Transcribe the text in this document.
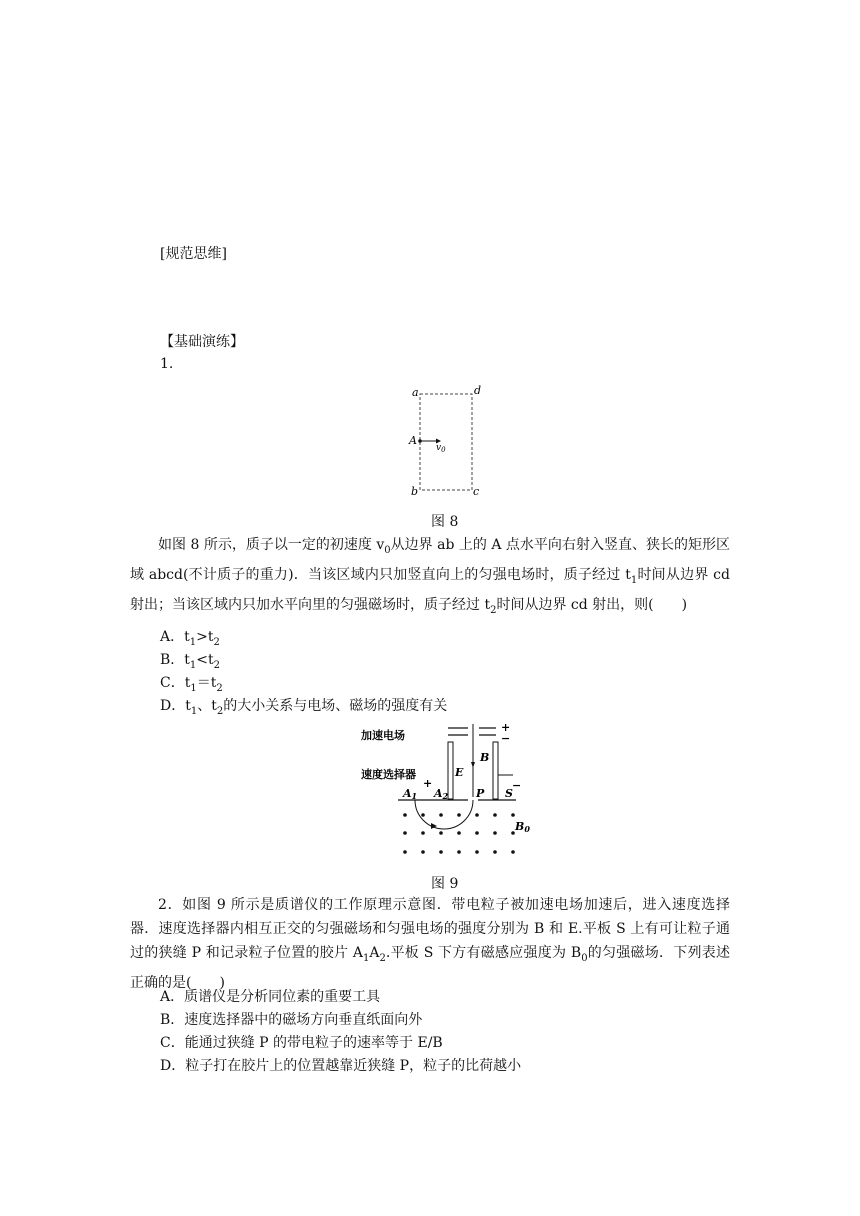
[规范思维]
【基础演练】
1.
a	d
A
$v_0$
b	c
图 8
如图 8 所示，质子以一定的初速度 $v_0$从边界 ab 上的 A 点水平向右射入竖直、狭长的矩形区域 abcd(不计质子的重力)．当该区域内只加竖直向上的匀强电场时，质子经过 $t_1$时间从边界 cd 射出；当该区域内只加水平向里的匀强磁场时，质子经过 $t_2$时间从边界 cd 射出，则(　　)
A．$t_1>t_2$
B．$t_1<t_2$
C．$t_1=t_2$
D．$t_1$、$t_2$的大小关系与电场、磁场的强度有关
加速电场
+
−
B
E
速度选择器
+	−
A1 A2	P S
B0
图 9
2．如图 9 所示是质谱仪的工作原理示意图．带电粒子被加速电场加速后，进入速度选择器．速度选择器内相互正交的匀强磁场和匀强电场的强度分别为 B 和 E.平板 S 上有可让粒子通过的狭缝 P 和记录粒子位置的胶片 $A_1A_2$.平板 S 下方有磁感应强度为 $B_0$的匀强磁场．下列表述正确的是(　　)
A．质谱仪是分析同位素的重要工具
B．速度选择器中的磁场方向垂直纸面向外
C．能通过狭缝 P 的带电粒子的速率等于 E/B
D．粒子打在胶片上的位置越靠近狭缝 P，粒子的比荷越小
